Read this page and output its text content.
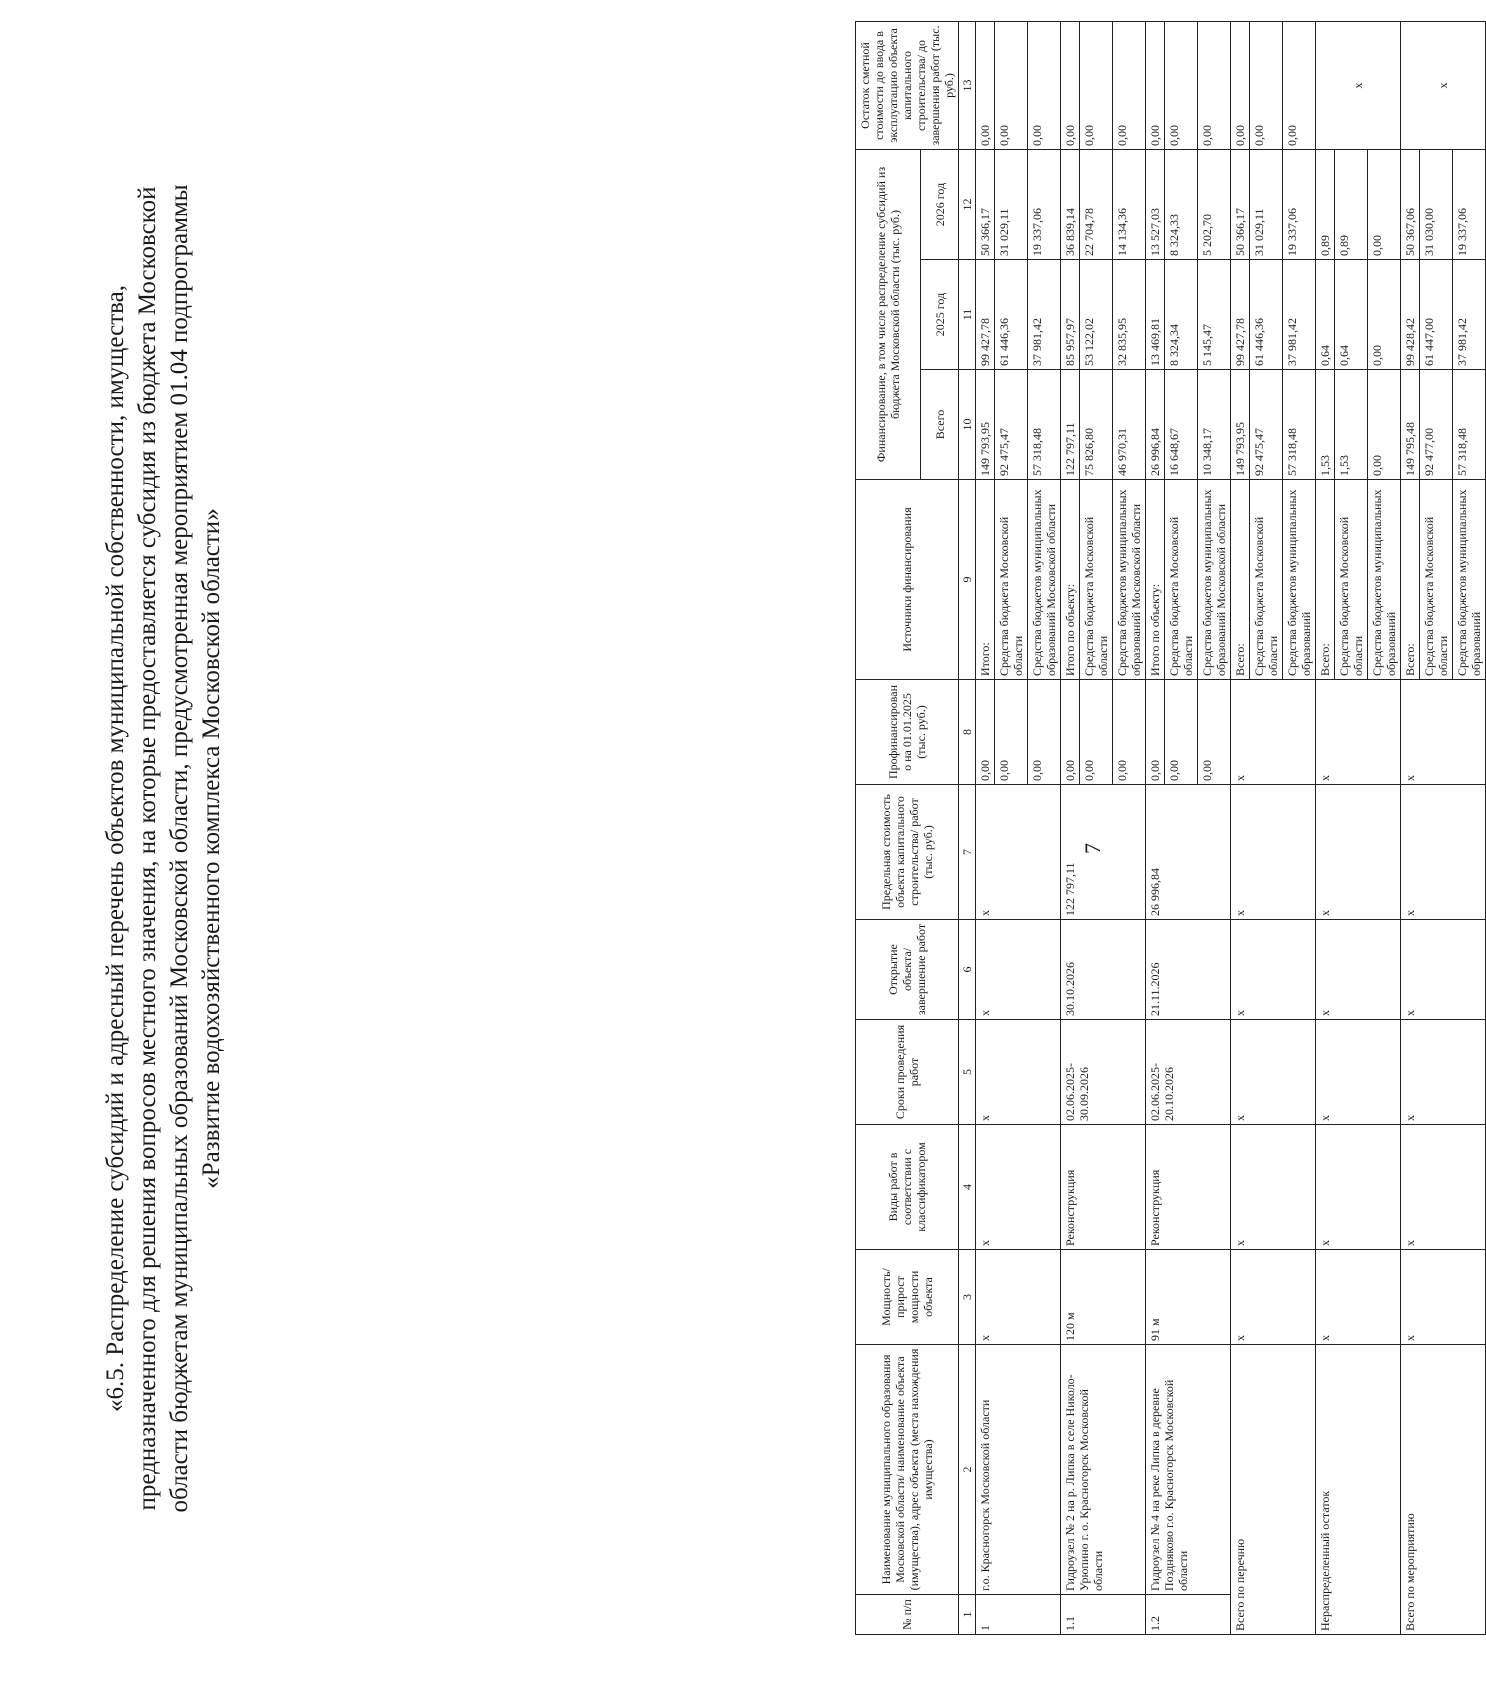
7
«6.5. Распределение субсидий и адресный перечень объектов муниципальной собственности, имущества, предназначенного для решения вопросов местного значения, на которые предоставляется субсидия из бюджета Московской области бюджетам муниципальных образований Московской области, предусмотренная мероприятием 01.04 подпрограммы «Развитие водохозяйственного комплекса Московской области»
№ п/п	Наименование муниципального образования Московской области/ наименование объекта (имущества), адрес объекта (места нахождения имущества)	Мощность/ прирост мощности объекта	Виды работ в соответствии с классификатором	Сроки проведения работ	Открытие объекта/ завершение работ	Предельная стоимость объекта капитального строительства/ работ (тыс. руб.)	Профинансировано на 01.01.2025 (тыс. руб.)	Источники финансирования	Финансирование, в том числе распределение субсидий из бюджета Московской области (тыс. руб.)			Остаток сметной стоимости до ввода в эксплуатацию объекта капитального строительства/ до завершения работ (тыс. руб.)
									Всего	2025 год	2026 год	
1	2	3	4	5	6	7	8	9	10	11	12	13
1	г.о. Красногорск Московской области	x	x	x	x	x	0,00	Итого:	149 793,95	99 427,78	50 366,17	0,00
							0,00	Средства бюджета Московской области	92 475,47	61 446,36	31 029,11	0,00
							0,00	Средства бюджетов муниципальных образований Московской области	57 318,48	37 981,42	19 337,06	0,00
1.1	Гидроузел № 2 на р. Липка в селе Николо-Урюпино г. о. Красногорск Московской области	120 м	Реконструкция	02.06.2025-30.09.2026	30.10.2026	122 797,11	0,00	Итого по объекту:	122 797,11	85 957,97	36 839,14	0,00
							0,00	Средства бюджета Московской области	75 826,80	53 122,02	22 704,78	0,00
							0,00	Средства бюджетов муниципальных образований Московской области	46 970,31	32 835,95	14 134,36	0,00
1.2	Гидроузел № 4 на реке Липка в деревне Поздняково г.о. Красногорск Московской области	91 м	Реконструкция	02.06.2025-20.10.2026	21.11.2026	26 996,84	0,00	Итого по объекту:	26 996,84	13 469,81	13 527,03	0,00
							0,00	Средства бюджета Московской области	16 648,67	8 324,34	8 324,33	0,00
							0,00	Средства бюджетов муниципальных образований Московской области	10 348,17	5 145,47	5 202,70	0,00
Всего по перечню		x	x	x	x	x	x	Всего:	149 793,95	99 427,78	50 366,17	0,00
								Средства бюджета Московской области	92 475,47	61 446,36	31 029,11	0,00
								Средства бюджетов муниципальных образований	57 318,48	37 981,42	19 337,06	0,00
Нераспределенный остаток		x	x	x	x	x	x	Всего:	1,53	0,64	0,89	x
								Средства бюджета Московской области	1,53	0,64	0,89	
								Средства бюджетов муниципальных образований	0,00	0,00	0,00	
Всего по мероприятию		x	x	x	x	x	x	Всего:	149 795,48	99 428,42	50 367,06	x
								Средства бюджета Московской области	92 477,00	61 447,00	31 030,00	
								Средства бюджетов муниципальных образований	57 318,48	37 981,42	19 337,06	
